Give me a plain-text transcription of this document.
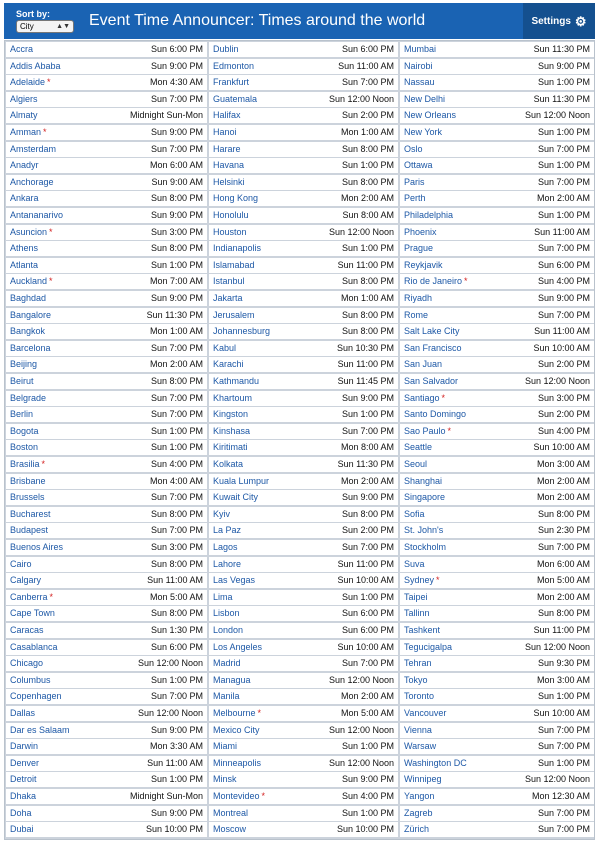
Sort by:
City	▲▼ Event Time Announcer: Times around the world	Settings ⚙
Accra	Sun 6:00 PM
Addis Ababa	Sun 9:00 PM
Adelaide *	Mon 4:30 AM
Algiers	Sun 7:00 PM
Almaty	Midnight Sun-Mon
Amman *	Sun 9:00 PM
Amsterdam	Sun 7:00 PM
Anadyr	Mon 6:00 AM
Anchorage	Sun 9:00 AM
Ankara	Sun 8:00 PM
Antananarivo	Sun 9:00 PM
Asuncion *	Sun 3:00 PM
Athens	Sun 8:00 PM
Atlanta	Sun 1:00 PM
Auckland *	Mon 7:00 AM
Baghdad	Sun 9:00 PM
Bangalore	Sun 11:30 PM
Bangkok	Mon 1:00 AM
Barcelona	Sun 7:00 PM
Beijing	Mon 2:00 AM
Beirut	Sun 8:00 PM
Belgrade	Sun 7:00 PM
Berlin	Sun 7:00 PM
Bogota	Sun 1:00 PM
Boston	Sun 1:00 PM
Brasilia *	Sun 4:00 PM
Brisbane	Mon 4:00 AM
Brussels	Sun 7:00 PM
Bucharest	Sun 8:00 PM
Budapest	Sun 7:00 PM
Buenos Aires	Sun 3:00 PM
Cairo	Sun 8:00 PM
Calgary	Sun 11:00 AM
Canberra *	Mon 5:00 AM
Cape Town	Sun 8:00 PM
Caracas	Sun 1:30 PM
Casablanca	Sun 6:00 PM
Chicago	Sun 12:00 Noon
Columbus	Sun 1:00 PM
Copenhagen	Sun 7:00 PM
Dallas	Sun 12:00 Noon
Dar es Salaam	Sun 9:00 PM
Darwin	Mon 3:30 AM
Denver	Sun 11:00 AM
Detroit	Sun 1:00 PM
Dhaka	Midnight Sun-Mon
Doha	Sun 9:00 PM
Dubai	Sun 10:00 PM
Dublin	Sun 6:00 PM
Edmonton	Sun 11:00 AM
Frankfurt	Sun 7:00 PM
Guatemala	Sun 12:00 Noon
Halifax	Sun 2:00 PM
Hanoi	Mon 1:00 AM
Harare	Sun 8:00 PM
Havana	Sun 1:00 PM
Helsinki	Sun 8:00 PM
Hong Kong	Mon 2:00 AM
Honolulu	Sun 8:00 AM
Houston	Sun 12:00 Noon
Indianapolis	Sun 1:00 PM
Islamabad	Sun 11:00 PM
Istanbul	Sun 8:00 PM
Jakarta	Mon 1:00 AM
Jerusalem	Sun 8:00 PM
Johannesburg	Sun 8:00 PM
Kabul	Sun 10:30 PM
Karachi	Sun 11:00 PM
Kathmandu	Sun 11:45 PM
Khartoum	Sun 9:00 PM
Kingston	Sun 1:00 PM
Kinshasa	Sun 7:00 PM
Kiritimati	Mon 8:00 AM
Kolkata	Sun 11:30 PM
Kuala Lumpur	Mon 2:00 AM
Kuwait City	Sun 9:00 PM
Kyiv	Sun 8:00 PM
La Paz	Sun 2:00 PM
Lagos	Sun 7:00 PM
Lahore	Sun 11:00 PM
Las Vegas	Sun 10:00 AM
Lima	Sun 1:00 PM
Lisbon	Sun 6:00 PM
London	Sun 6:00 PM
Los Angeles	Sun 10:00 AM
Madrid	Sun 7:00 PM
Managua	Sun 12:00 Noon
Manila	Mon 2:00 AM
Melbourne *	Mon 5:00 AM
Mexico City	Sun 12:00 Noon
Miami	Sun 1:00 PM
Minneapolis	Sun 12:00 Noon
Minsk	Sun 9:00 PM
Montevideo *	Sun 4:00 PM
Montreal	Sun 1:00 PM
Moscow	Sun 10:00 PM
Mumbai	Sun 11:30 PM
Nairobi	Sun 9:00 PM
Nassau	Sun 1:00 PM
New Delhi	Sun 11:30 PM
New Orleans	Sun 12:00 Noon
New York	Sun 1:00 PM
Oslo	Sun 7:00 PM
Ottawa	Sun 1:00 PM
Paris	Sun 7:00 PM
Perth	Mon 2:00 AM
Philadelphia	Sun 1:00 PM
Phoenix	Sun 11:00 AM
Prague	Sun 7:00 PM
Reykjavik	Sun 6:00 PM
Rio de Janeiro *	Sun 4:00 PM
Riyadh	Sun 9:00 PM
Rome	Sun 7:00 PM
Salt Lake City	Sun 11:00 AM
San Francisco	Sun 10:00 AM
San Juan	Sun 2:00 PM
San Salvador	Sun 12:00 Noon
Santiago *	Sun 3:00 PM
Santo Domingo	Sun 2:00 PM
Sao Paulo *	Sun 4:00 PM
Seattle	Sun 10:00 AM
Seoul	Mon 3:00 AM
Shanghai	Mon 2:00 AM
Singapore	Mon 2:00 AM
Sofia	Sun 8:00 PM
St. John's	Sun 2:30 PM
Stockholm	Sun 7:00 PM
Suva	Mon 6:00 AM
Sydney *	Mon 5:00 AM
Taipei	Mon 2:00 AM
Tallinn	Sun 8:00 PM
Tashkent	Sun 11:00 PM
Tegucigalpa	Sun 12:00 Noon
Tehran	Sun 9:30 PM
Tokyo	Mon 3:00 AM
Toronto	Sun 1:00 PM
Vancouver	Sun 10:00 AM
Vienna	Sun 7:00 PM
Warsaw	Sun 7:00 PM
Washington DC	Sun 1:00 PM
Winnipeg	Sun 12:00 Noon
Yangon	Mon 12:30 AM
Zagreb	Sun 7:00 PM
Zürich	Sun 7:00 PM
